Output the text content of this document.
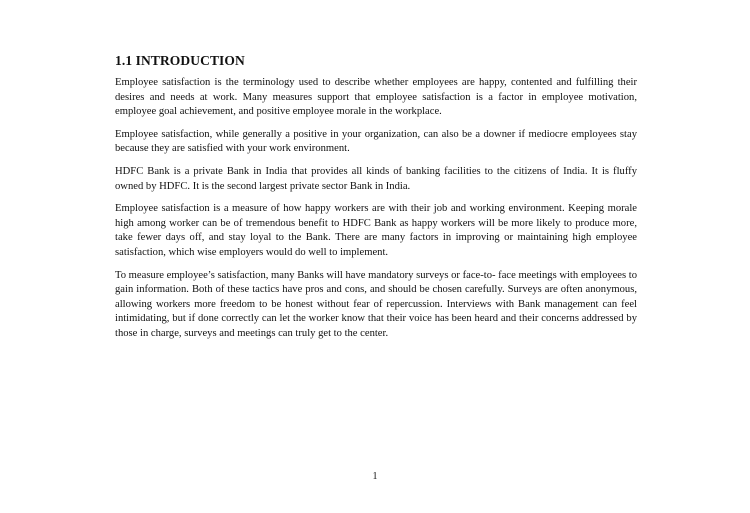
1.1 INTRODUCTION

Employee satisfaction is the terminology used to describe whether employees are happy, contented and fulfilling their desires and needs at work. Many measures support that employee satisfaction is a factor in employee motivation, employee goal achievement, and positive employee morale in the workplace.

Employee satisfaction, while generally a positive in your organization, can also be a downer if mediocre employees stay because they are satisfied with your work environment.

HDFC Bank is a private Bank in India that provides all kinds of banking facilities to the citizens of India. It is fluffy owned by HDFC. It is the second largest private sector Bank in India.

Employee satisfaction is a measure of how happy workers are with their job and working environment. Keeping morale high among worker can be of tremendous benefit to HDFC Bank as happy workers will be more likely to produce more, take fewer days off, and stay loyal to the Bank. There are many factors in improving or maintaining high employee satisfaction, which wise employers would do well to implement.

To measure employee’s satisfaction, many Banks will have mandatory surveys or face-to- face meetings with employees to gain information. Both of these tactics have pros and cons, and should be chosen carefully. Surveys are often anonymous, allowing workers more freedom to be honest without fear of repercussion. Interviews with Bank management can feel intimidating, but if done correctly can let the worker know that their voice has been heard and their concerns addressed by those in charge, surveys and meetings can truly get to the center.

1
